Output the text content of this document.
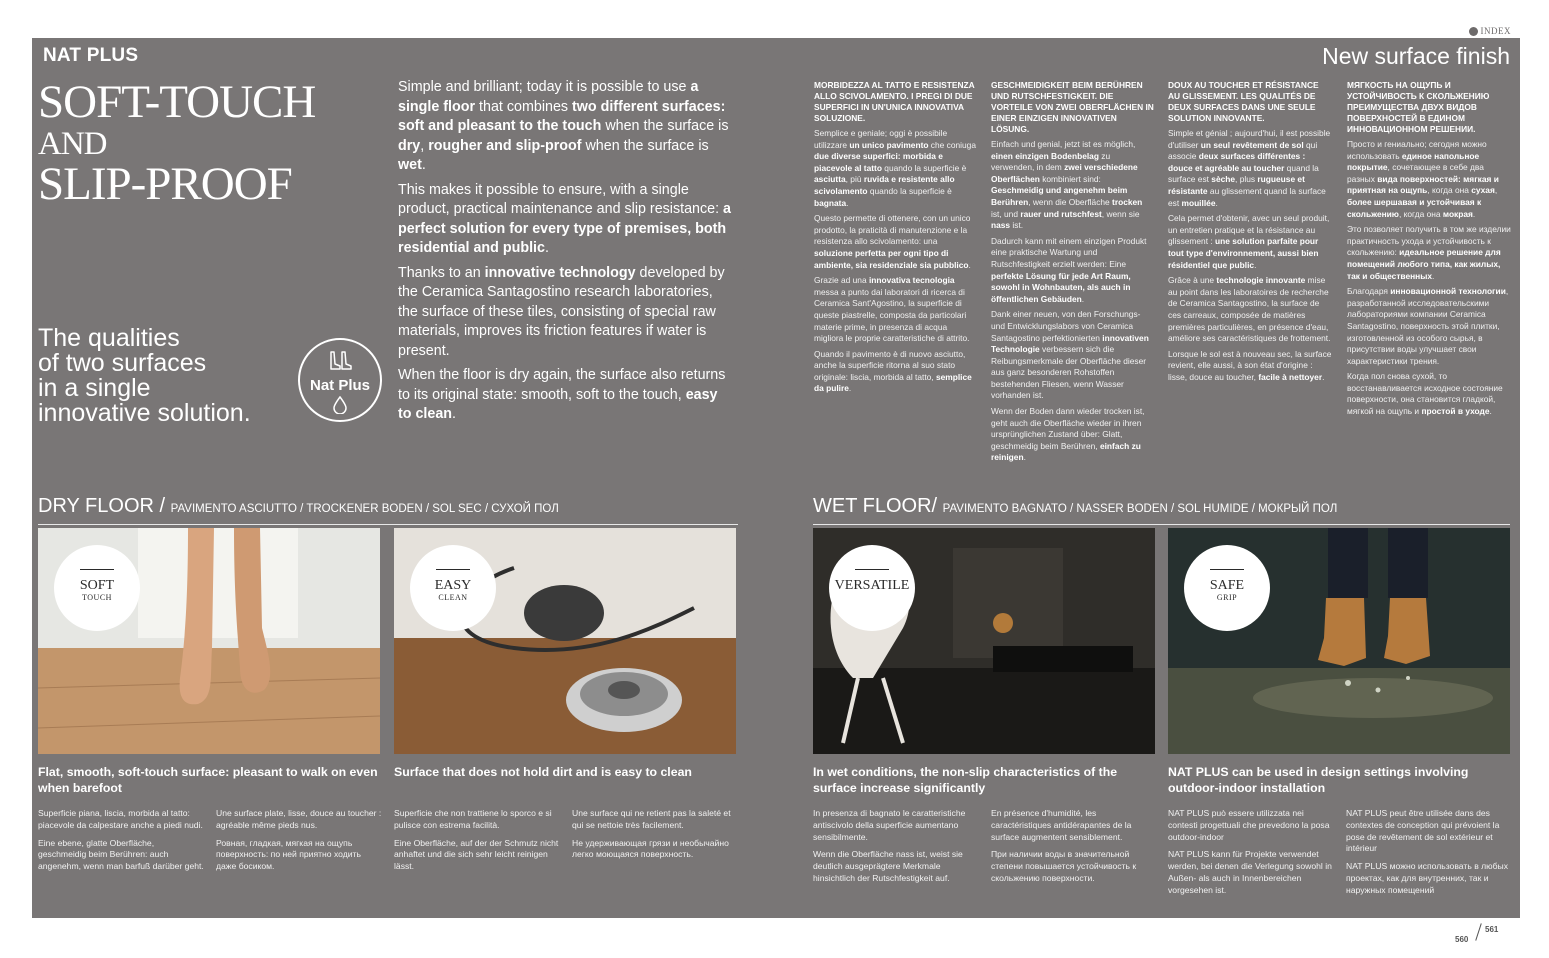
INDEX
NAT PLUS	New surface finish
SOFT-TOUCH
AND
SLIP-PROOF
The qualities
of two surfaces
in a single
innovative solution.
Nat Plus

Simple and brilliant; today it is possible to use a single floor that combines two different surfaces: soft and pleasant to the touch when the surface is dry, rougher and slip-proof when the surface is wet.

This makes it possible to ensure, with a single product, practical maintenance and slip resistance: a perfect solution for every type of premises, both residential and public.

Thanks to an innovative technology developed by the Ceramica Santagostino research laboratories, the surface of these tiles, consisting of special raw materials, improves its friction features if water is present.

When the floor is dry again, the surface also returns to its original state: smooth, soft to the touch, easy to clean.

MORBIDEZZA AL TATTO E RESISTENZA ALLO SCIVOLAMENTO. I PREGI DI DUE SUPERFICI IN UN'UNICA INNOVATIVA SOLUZIONE.

Semplice e geniale; oggi è possibile utilizzare un unico pavimento che coniuga due diverse superfici: morbida e piacevole al tatto quando la superficie è asciutta, più ruvida e resistente allo scivolamento quando la superficie è bagnata.

Questo permette di ottenere, con un unico prodotto, la praticità di manutenzione e la resistenza allo scivolamento: una soluzione perfetta per ogni tipo di ambiente, sia residenziale sia pubblico.

Grazie ad una innovativa tecnologia messa a punto dai laboratori di ricerca di Ceramica Sant'Agostino, la superficie di queste piastrelle, composta da particolari materie prime, in presenza di acqua migliora le proprie caratteristiche di attrito.

Quando il pavimento è di nuovo asciutto, anche la superficie ritorna al suo stato originale: liscia, morbida al tatto, semplice da pulire.

GESCHMEIDIGKEIT BEIM BERÜHREN UND RUTSCHFESTIGKEIT. DIE VORTEILE VON ZWEI OBERFLÄCHEN IN EINER EINZIGEN INNOVATIVEN LÖSUNG.

Einfach und genial, jetzt ist es möglich, einen einzigen Bodenbelag zu verwenden, in dem zwei verschiedene Oberflächen kombiniert sind: Geschmeidig und angenehm beim Berühren, wenn die Oberfläche trocken ist, und rauer und rutschfest, wenn sie nass ist.

Dadurch kann mit einem einzigen Produkt eine praktische Wartung und Rutschfestigkeit erzielt werden: Eine perfekte Lösung für jede Art Raum, sowohl in Wohnbauten, als auch in öffentlichen Gebäuden.

Dank einer neuen, von den Forschungs- und Entwicklungslabors von Ceramica Santagostino perfektionierten innovativen Technologie verbessern sich die Reibungsmerkmale der Oberfläche dieser aus ganz besonderen Rohstoffen bestehenden Fliesen, wenn Wasser vorhanden ist.

Wenn der Boden dann wieder trocken ist, geht auch die Oberfläche wieder in ihren ursprünglichen Zustand über: Glatt, geschmeidig beim Berühren, einfach zu reinigen.

DOUX AU TOUCHER ET RÉSISTANCE AU GLISSEMENT. LES QUALITÉS DE DEUX SURFACES DANS UNE SEULE SOLUTION INNOVANTE.

Simple et génial ; aujourd'hui, il est possible d'utiliser un seul revêtement de sol qui associe deux surfaces différentes : douce et agréable au toucher quand la surface est sèche, plus rugueuse et résistante au glissement quand la surface est mouillée.

Cela permet d'obtenir, avec un seul produit, un entretien pratique et la résistance au glissement : une solution parfaite pour tout type d'environnement, aussi bien résidentiel que public.

Grâce à une technologie innovante mise au point dans les laboratoires de recherche de Ceramica Santagostino, la surface de ces carreaux, composée de matières premières particulières, en présence d'eau, améliore ses caractéristiques de frottement.

Lorsque le sol est à nouveau sec, la surface revient, elle aussi, à son état d'origine : lisse, douce au toucher, facile à nettoyer.

МЯГКОСТЬ НА ОЩУПЬ И УСТОЙЧИВОСТЬ К СКОЛЬЖЕНИЮ ПРЕИМУЩЕСТВА ДВУХ ВИДОВ ПОВЕРХНОСТЕЙ В ЕДИНОМ ИННОВАЦИОННОМ РЕШЕНИИ.

Просто и гениально; сегодня можно использовать единое напольное покрытие, сочетающее в себе два разных вида поверхностей: мягкая и приятная на ощупь, когда она сухая, более шершавая и устойчивая к скольжению, когда она мокрая.

Это позволяет получить в том же изделии практичность ухода и устойчивость к скольжению: идеальное решение для помещений любого типа, как жилых, так и общественных.

Благодаря инновационной технологии, разработанной исследовательскими лабораториями компании Ceramica Santagostino, поверхность этой плитки, изготовленной из особого сырья, в присутствии воды улучшает свои характеристики трения.

Когда пол снова сухой, то восстанавливается исходное состояние поверхности, она становится гладкой, мягкой на ощупь и простой в уходе.

DRY FLOOR / PAVIMENTO ASCIUTTO / TROCKENER BODEN / SOL SEC / СУХОЙ ПОЛ	WET FLOOR/ PAVIMENTO BAGNATO / NASSER BODEN / SOL HUMIDE / МОКРЫЙ ПОЛ
SOFT
TOUCH
EASY
CLEAN
VERSATILE	SAFE
GRIP
Flat, smooth, soft-touch surface: pleasant to walk on even when barefoot
Surface that does not hold dirt and is easy to clean	In wet conditions, the non-slip characteristics of the surface increase significantly
NAT PLUS can be used in design settings involving outdoor-indoor installation

Superficie piana, liscia, morbida al tatto: piacevole da calpestare anche a piedi nudi.

Eine ebene, glatte Oberfläche, geschmeidig beim Berühren: auch angenehm, wenn man barfuß darüber geht.

Une surface plate, lisse, douce au toucher : agréable même pieds nus.

Ровная, гладкая, мягкая на ощупь поверхность: по ней приятно ходить даже босиком.

Superficie che non trattiene lo sporco e si pulisce con estrema facilità.

Eine Oberfläche, auf der der Schmutz nicht anhaftet und die sich sehr leicht reinigen lässt.

Une surface qui ne retient pas la saleté et qui se nettoie très facilement.

Не удерживающая грязи и необычайно легко моющаяся поверхность.

In presenza di bagnato le caratteristiche antiscivolo della superficie aumentano sensibilmente.

Wenn die Oberfläche nass ist, weist sie deutlich ausgeprägtere Merkmale hinsichtlich der Rutschfestigkeit auf.

En présence d'humidité, les caractéristiques antidérapantes de la surface augmentent sensiblement.

При наличии воды в значительной степени повышается устойчивость к скольжению поверхности.

NAT PLUS può essere utilizzata nei contesti progettuali che prevedono la posa outdoor-indoor

NAT PLUS kann für Projekte verwendet werden, bei denen die Verlegung sowohl in Außen- als auch in Innenbereichen vorgesehen ist.

NAT PLUS peut être utilisée dans des contextes de conception qui prévoient la pose de revêtement de sol extérieur et intérieur

NAT PLUS можно использовать в любых проектах, как для внутренних, так и наружных помещений

560
561
